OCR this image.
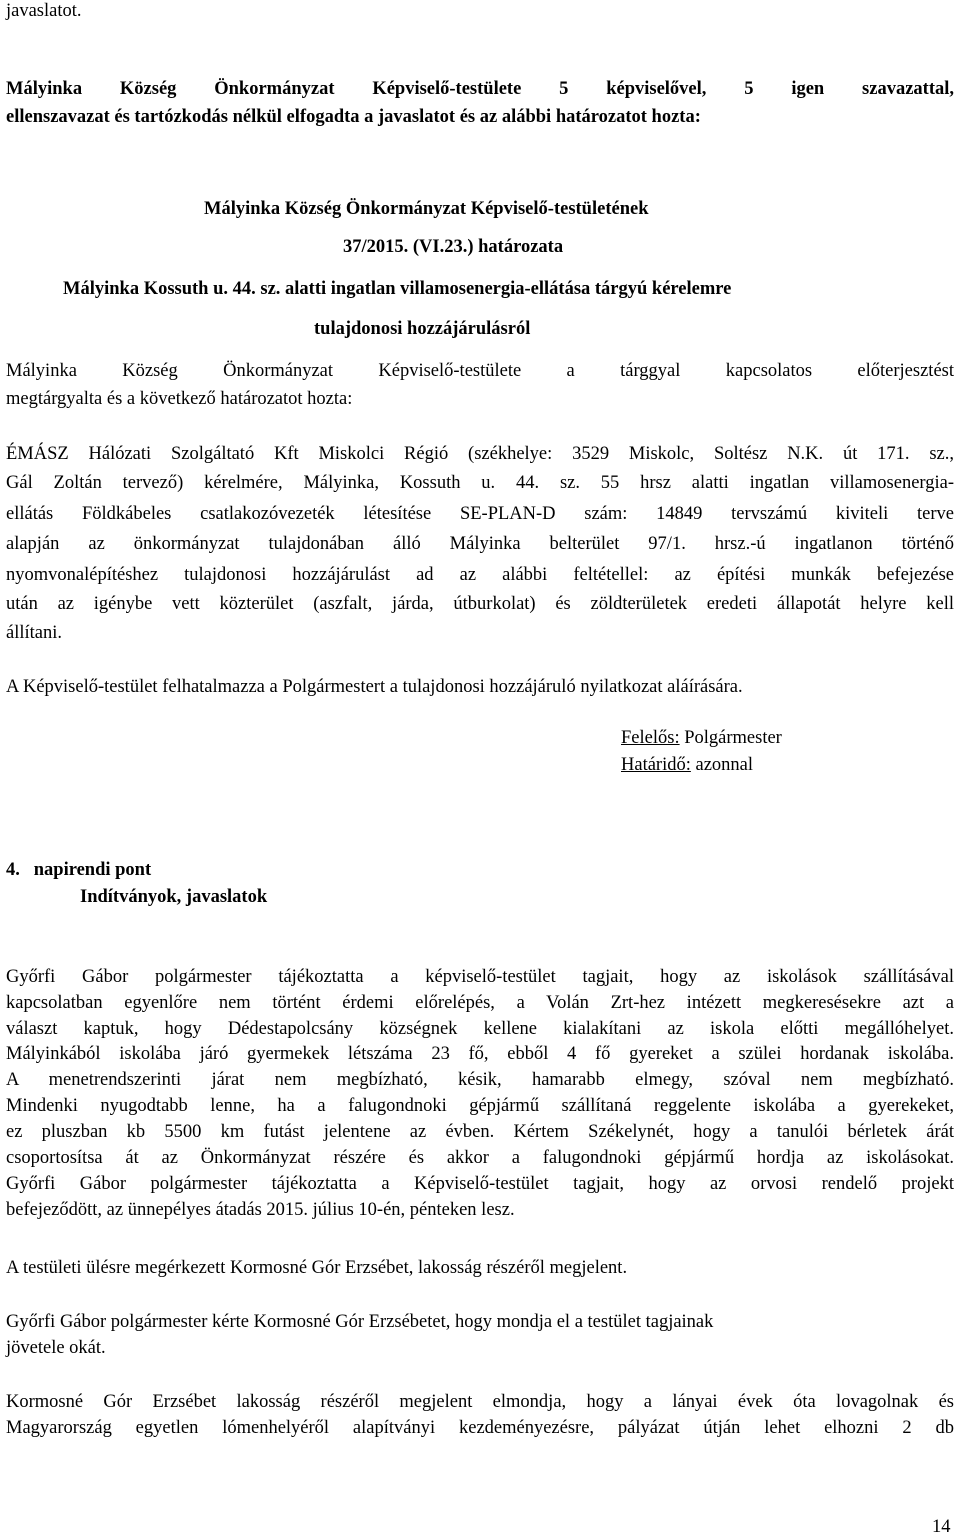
javaslatot.
Mályinka Község Önkormányzat Képviselő-testülete 5 képviselővel, 5 igen szavazattal,
ellenszavazat és tartózkodás nélkül elfogadta a javaslatot és az alábbi határozatot hozta:
Mályinka Község Önkormányzat Képviselő-testületének
37/2015. (VI.23.) határozata
Mályinka Kossuth u. 44. sz. alatti ingatlan villamosenergia-ellátása tárgyú kérelemre
tulajdonosi hozzájárulásról
Mályinka Község Önkormányzat Képviselő-testülete a tárggyal kapcsolatos előterjesztést
megtárgyalta és a következő határozatot hozta:
ÉMÁSZ Hálózati Szolgáltató Kft Miskolci Régió (székhelye: 3529 Miskolc, Soltész N.K. út 171. sz.,
Gál Zoltán tervező) kérelmére, Mályinka, Kossuth u. 44. sz. 55 hrsz alatti ingatlan villamosenergia-
ellátás Földkábeles csatlakozóvezeték létesítése SE-PLAN-D szám: 14849 tervszámú kiviteli terve
alapján az önkormányzat tulajdonában álló Mályinka belterület 97/1. hrsz.-ú ingatlanon történő
nyomvonalépítéshez tulajdonosi hozzájárulást ad az alábbi feltétellel: az építési munkák befejezése
után az igénybe vett közterület (aszfalt, járda, útburkolat) és zöldterületek eredeti állapotát helyre kell
állítani.
A Képviselő-testület felhatalmazza a Polgármestert a tulajdonosi hozzájáruló nyilatkozat aláírására.
Felelős: Polgármester
Határidő: azonnal
4. napirendi pont
Indítványok, javaslatok
Győrfi Gábor polgármester tájékoztatta a képviselő-testület tagjait, hogy az iskolások szállításával
kapcsolatban egyenlőre nem történt érdemi előrelépés, a Volán Zrt-hez intézett megkeresésekre azt a
választ kaptuk, hogy Dédestapolcsány községnek kellene kialakítani az iskola előtti megállóhelyet.
Mályinkából iskolába járó gyermekek létszáma 23 fő, ebből 4 fő gyereket a szülei hordanak iskolába.
A menetrendszerinti járat nem megbízható, késik, hamarabb elmegy, szóval nem megbízható.
Mindenki nyugodtabb lenne, ha a falugondnoki gépjármű szállítaná reggelente iskolába a gyerekeket,
ez pluszban kb 5500 km futást jelentene az évben. Kértem Székelynét, hogy a tanulói bérletek árát
csoportosítsa át az Önkormányzat részére és akkor a falugondnoki gépjármű hordja az iskolásokat.
Győrfi Gábor polgármester tájékoztatta a Képviselő-testület tagjait, hogy az orvosi rendelő projekt
befejeződött, az ünnepélyes átadás 2015. július 10-én, pénteken lesz.
A testületi ülésre megérkezett Kormosné Gór Erzsébet, lakosság részéről megjelent.
Győrfi Gábor polgármester kérte Kormosné Gór Erzsébetet, hogy mondja el a testület tagjainak
jövetele okát.
Kormosné Gór Erzsébet lakosság részéről megjelent elmondja, hogy a lányai évek óta lovagolnak és
Magyarország egyetlen lómenhelyéről alapítványi kezdeményezésre, pályázat útján lehet elhozni 2 db
14
